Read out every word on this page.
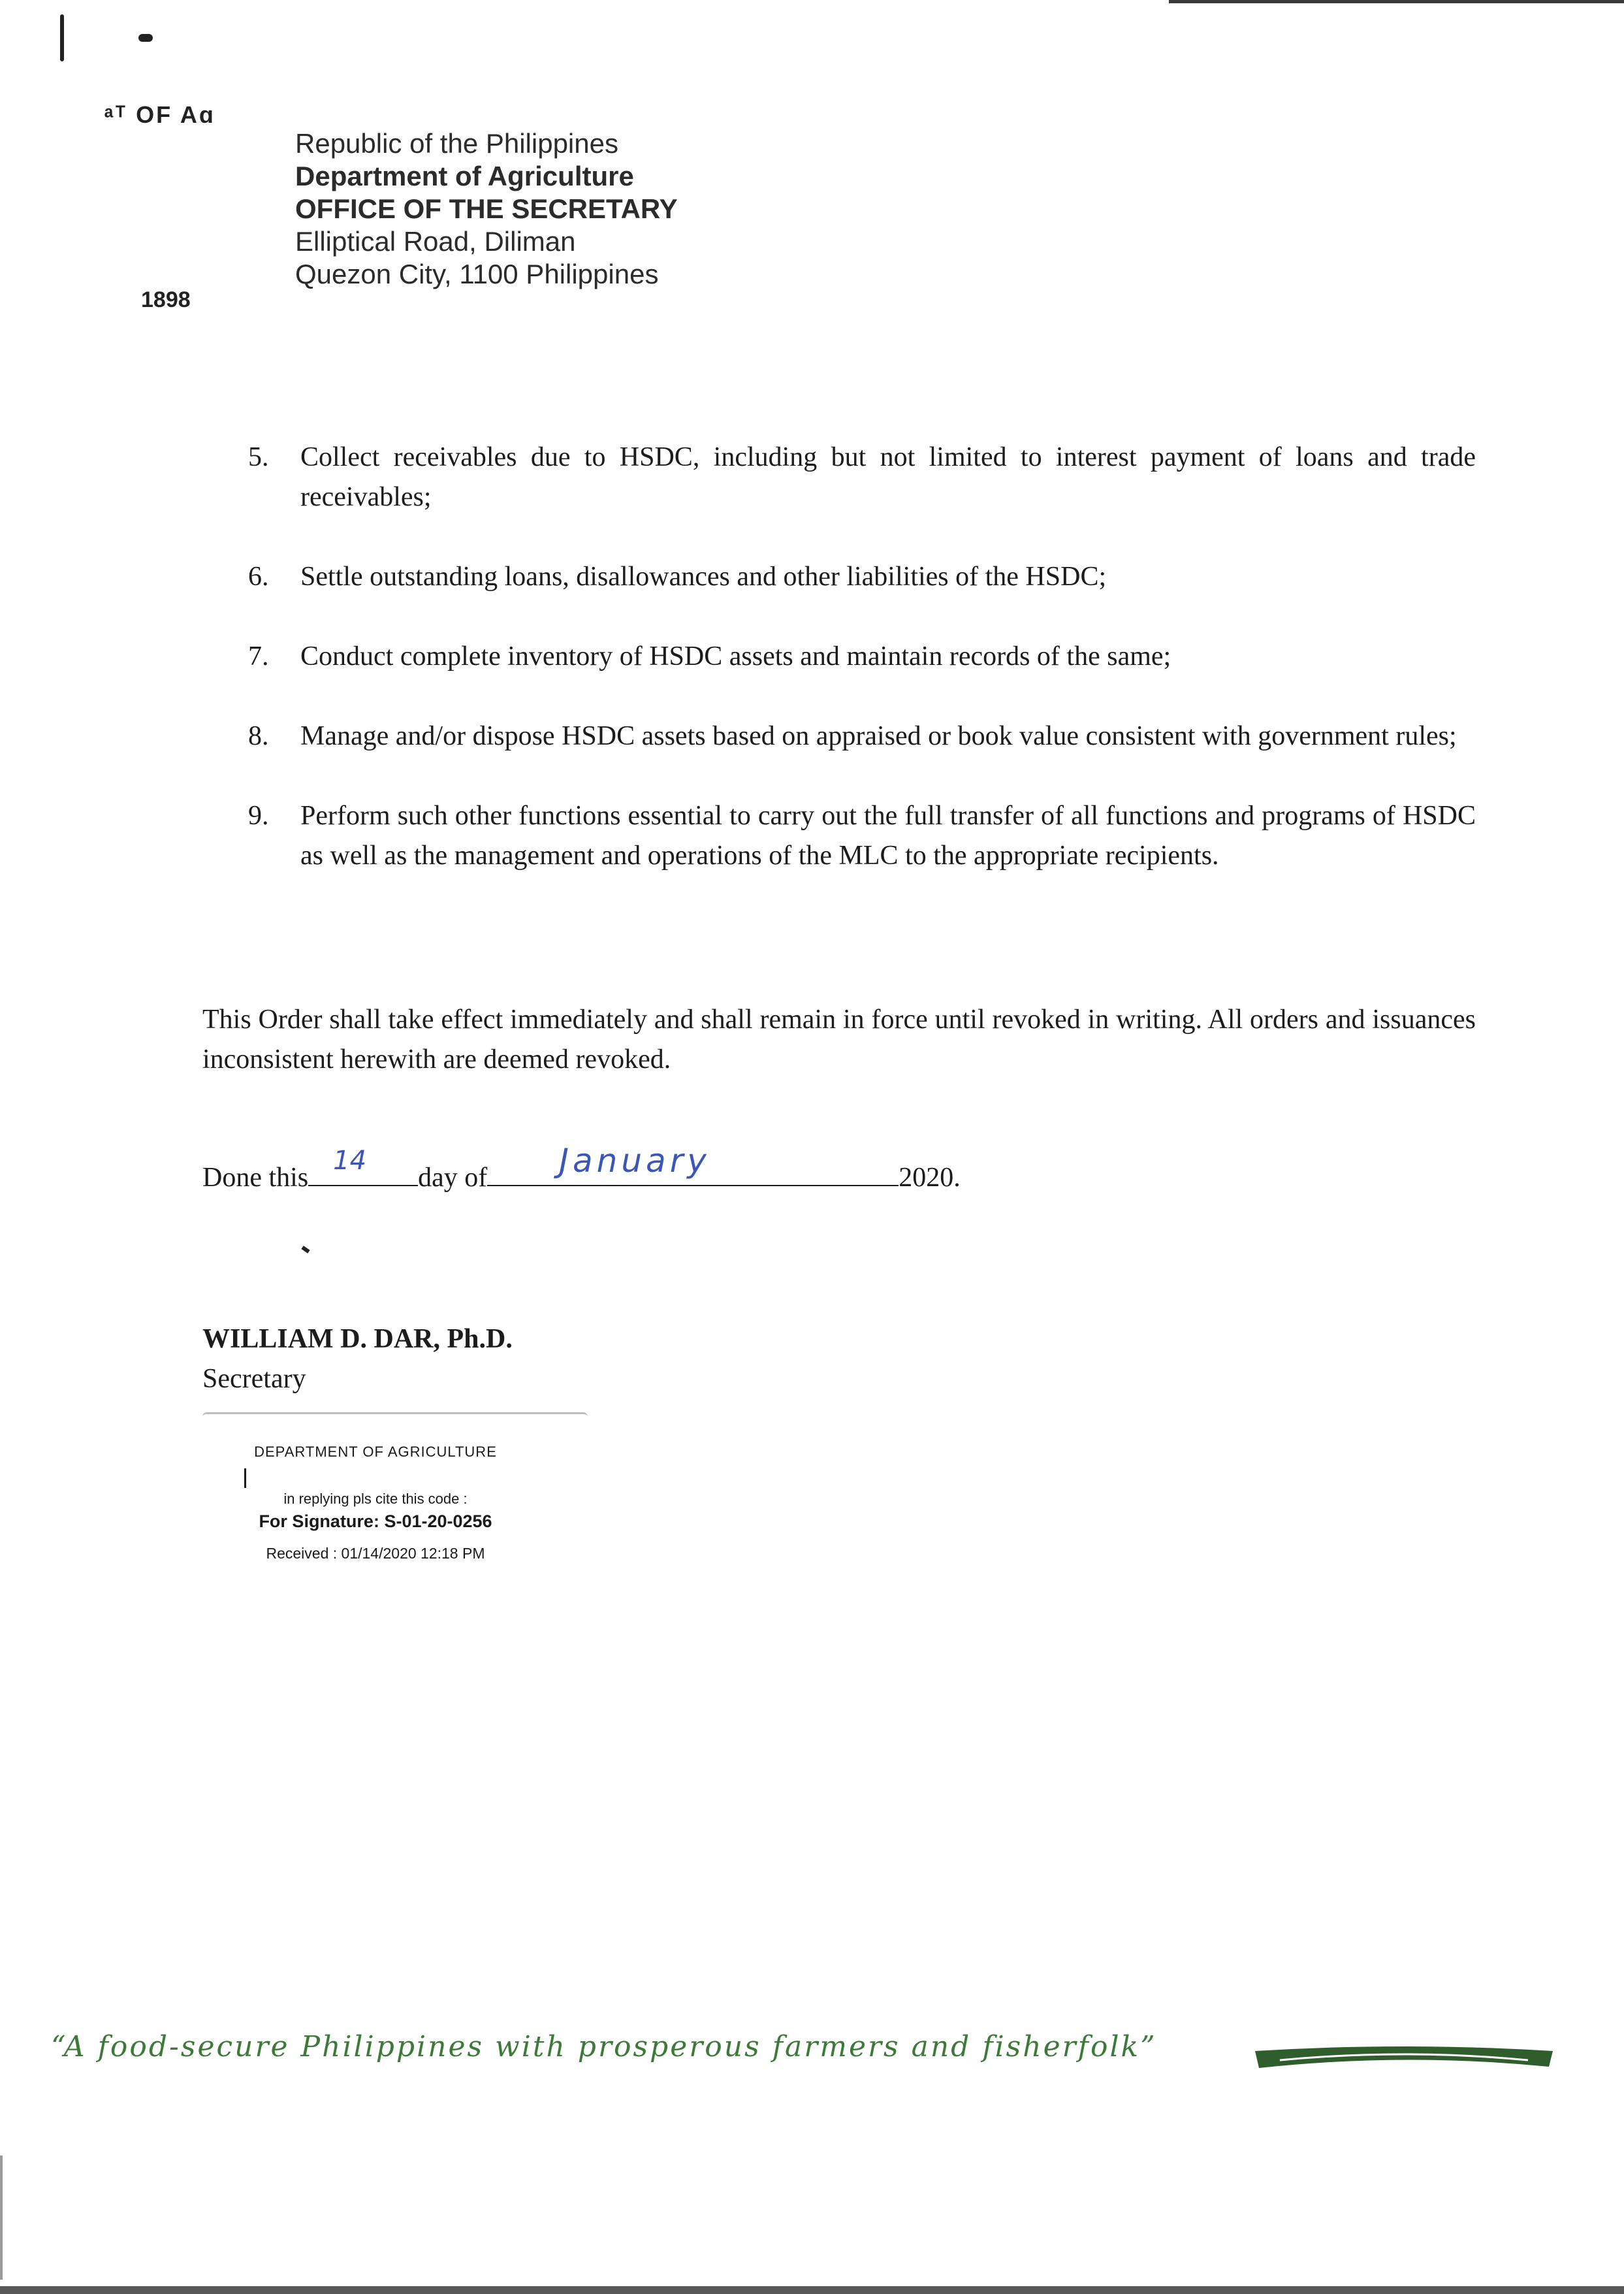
ᵃᵀ OF Aɑ
1898
Republic of the Philippines
Department of Agriculture
OFFICE OF THE SECRETARY
Elliptical Road, Diliman
Quezon City, 1100 Philippines
5.	Collect receivables due to HSDC, including but not limited to interest payment of loans and trade receivables;
6.	Settle outstanding loans, disallowances and other liabilities of the HSDC;
7.	Conduct complete inventory of HSDC assets and maintain records of the same;
8.	Manage and/or dispose HSDC assets based on appraised or book value consistent with government rules;
9.	Perform such other functions essential to carry out the full transfer of all functions and programs of HSDC as well as the management and operations of the MLC to the appropriate recipients.

This Order shall take effect immediately and shall remain in force until revoked in writing. All orders and issuances inconsistent herewith are deemed revoked.

Done this
14
day of January	2020.
WILLIAM D. DAR, Ph.D.
Secretary
DEPARTMENT OF AGRICULTURE
in replying pls cite this code :
For Signature: S-01-20-0256
Received : 01/14/2020 12:18 PM
“A food-secure Philippines with prosperous farmers and fisherfolk”
